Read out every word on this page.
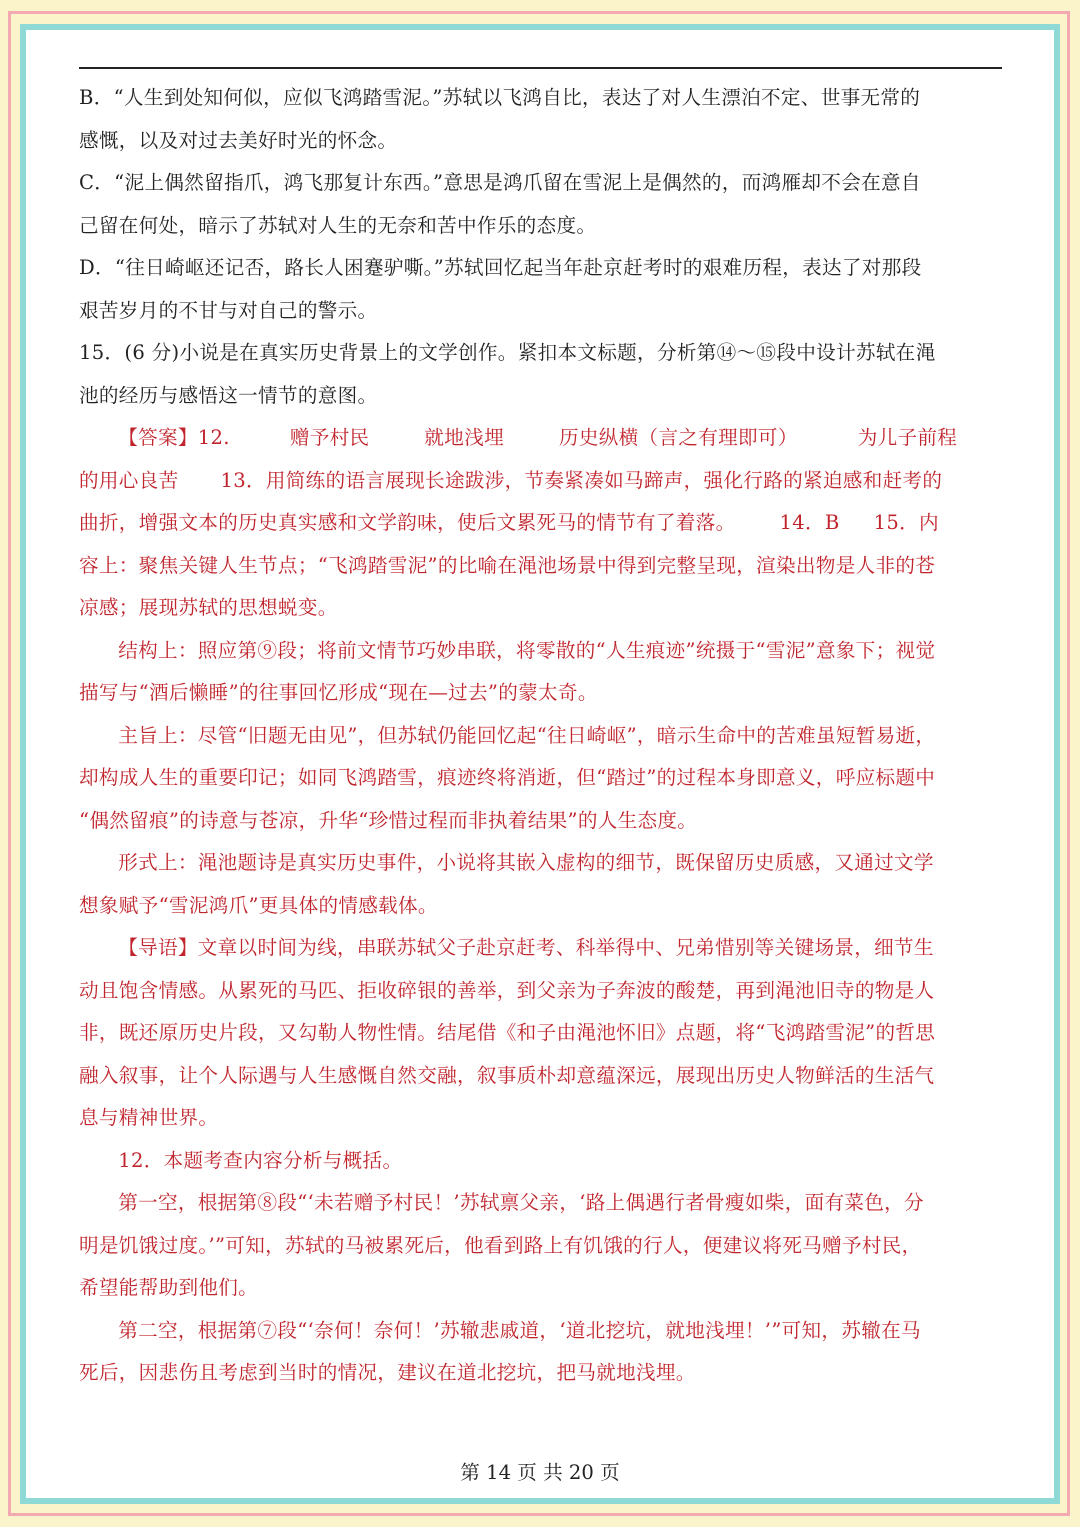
B．“人生到处知何似，应似飞鸿踏雪泥。”苏轼以飞鸿自比，表达了对人生漂泊不定、世事无常的
感慨，以及对过去美好时光的怀念。

C．“泥上偶然留指爪，鸿飞那复计东西。”意思是鸿爪留在雪泥上是偶然的，而鸿雁却不会在意自
己留在何处，暗示了苏轼对人生的无奈和苦中作乐的态度。

D．“往日崎岖还记否，路长人困蹇驴嘶。”苏轼回忆起当年赴京赶考时的艰难历程，表达了对那段
艰苦岁月的不甘与对自己的警示。

15．(6 分)小说是在真实历史背景上的文学创作。紧扣本文标题，分析第⑭～⑮段中设计苏轼在渑
池的经历与感悟这一情节的意图。

【答案】12.	赠予村民	就地浅埋	历史纵横（言之有理即可）	为儿子前程
的用心良苦 13．用简练的语言展现长途跋涉，节奏紧凑如马蹄声，强化行路的紧迫感和赶考的
曲折，增强文本的历史真实感和文学韵味，使后文累死马的情节有了着落。 14．B 15．内
容上：聚焦关键人生节点；“飞鸿踏雪泥”的比喻在渑池场景中得到完整呈现，渲染出物是人非的苍
凉感；展现苏轼的思想蜕变。

结构上：照应第⑨段；将前文情节巧妙串联，将零散的“人生痕迹”统摄于“雪泥”意象下；视觉
描写与“酒后懒睡”的往事回忆形成“现在—过去”的蒙太奇。

主旨上：尽管“旧题无由见”，但苏轼仍能回忆起“往日崎岖”，暗示生命中的苦难虽短暂易逝，
却构成人生的重要印记；如同飞鸿踏雪，痕迹终将消逝，但“踏过”的过程本身即意义，呼应标题中
“偶然留痕”的诗意与苍凉，升华“珍惜过程而非执着结果”的人生态度。

形式上：渑池题诗是真实历史事件，小说将其嵌入虚构的细节，既保留历史质感，又通过文学
想象赋予“雪泥鸿爪”更具体的情感载体。

【导语】文章以时间为线，串联苏轼父子赴京赶考、科举得中、兄弟惜别等关键场景，细节生
动且饱含情感。从累死的马匹、拒收碎银的善举，到父亲为子奔波的酸楚，再到渑池旧寺的物是人
非，既还原历史片段，又勾勒人物性情。结尾借《和子由渑池怀旧》点题，将“飞鸿踏雪泥”的哲思
融入叙事，让个人际遇与人生感慨自然交融，叙事质朴却意蕴深远，展现出历史人物鲜活的生活气
息与精神世界。

12．本题考查内容分析与概括。

第一空，根据第⑧段“‘未若赠予村民！’苏轼禀父亲，‘路上偶遇行者骨瘦如柴，面有菜色，分
明是饥饿过度。’”可知，苏轼的马被累死后，他看到路上有饥饿的行人，便建议将死马赠予村民，
希望能帮助到他们。

第二空，根据第⑦段“‘奈何！奈何！’苏辙悲戚道，‘道北挖坑，就地浅埋！’”可知，苏辙在马
死后，因悲伤且考虑到当时的情况，建议在道北挖坑，把马就地浅埋。

第 14 页 共 20 页
